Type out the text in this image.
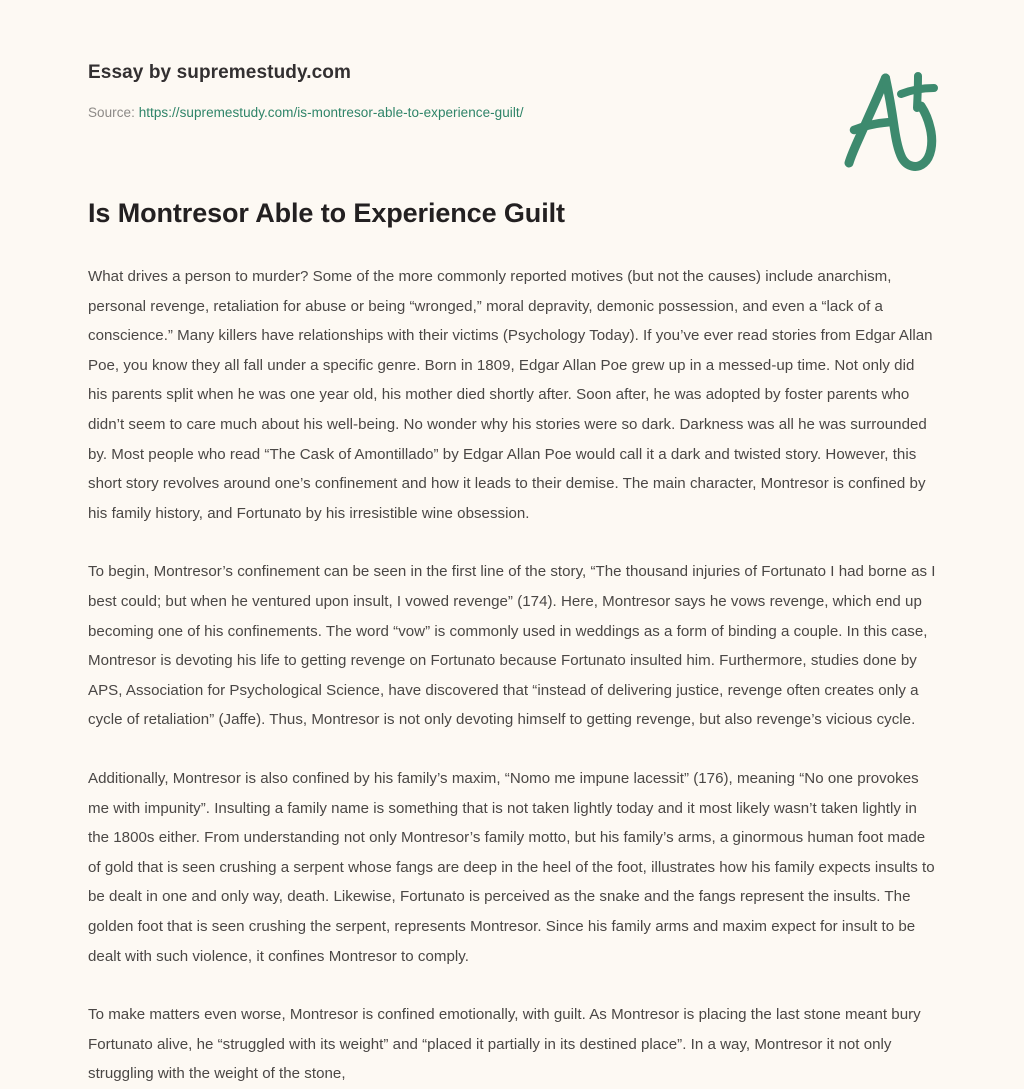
Essay by supremestudy.com
Source: https://supremestudy.com/is-montresor-able-to-experience-guilt/
Is Montresor Able to Experience Guilt

What drives a person to murder? Some of the more commonly reported motives (but not the causes) include anarchism, personal revenge, retaliation for abuse or being “wronged,” moral depravity, demonic possession, and even a “lack of a conscience.” Many killers have relationships with their victims (Psychology Today). If you’ve ever read stories from Edgar Allan Poe, you know they all fall under a specific genre. Born in 1809, Edgar Allan Poe grew up in a messed-up time. Not only did his parents split when he was one year old, his mother died shortly after. Soon after, he was adopted by foster parents who didn’t seem to care much about his well-being. No wonder why his stories were so dark. Darkness was all he was surrounded by. Most people who read “The Cask of Amontillado” by Edgar Allan Poe would call it a dark and twisted story. However, this short story revolves around one’s confinement and how it leads to their demise. The main character, Montresor is confined by his family history, and Fortunato by his irresistible wine obsession.

To begin, Montresor’s confinement can be seen in the first line of the story, “The thousand injuries of Fortunato I had borne as I best could; but when he ventured upon insult, I vowed revenge” (174). Here, Montresor says he vows revenge, which end up becoming one of his confinements. The word “vow” is commonly used in weddings as a form of binding a couple. In this case, Montresor is devoting his life to getting revenge on Fortunato because Fortunato insulted him. Furthermore, studies done by APS, Association for Psychological Science, have discovered that “instead of delivering justice, revenge often creates only a cycle of retaliation” (Jaffe). Thus, Montresor is not only devoting himself to getting revenge, but also revenge’s vicious cycle.

Additionally, Montresor is also confined by his family’s maxim, “Nomo me impune lacessit” (176), meaning “No one provokes me with impunity”. Insulting a family name is something that is not taken lightly today and it most likely wasn’t taken lightly in the 1800s either. From understanding not only Montresor’s family motto, but his family’s arms, a ginormous human foot made of gold that is seen crushing a serpent whose fangs are deep in the heel of the foot, illustrates how his family expects insults to be dealt in one and only way, death. Likewise, Fortunato is perceived as the snake and the fangs represent the insults. The golden foot that is seen crushing the serpent, represents Montresor. Since his family arms and maxim expect for insult to be dealt with such violence, it confines Montresor to comply.

To make matters even worse, Montresor is confined emotionally, with guilt. As Montresor is placing the last stone meant bury Fortunato alive, he “struggled with its weight” and “placed it partially in its destined place”. In a way, Montresor it not only struggling with the weight of the stone,
